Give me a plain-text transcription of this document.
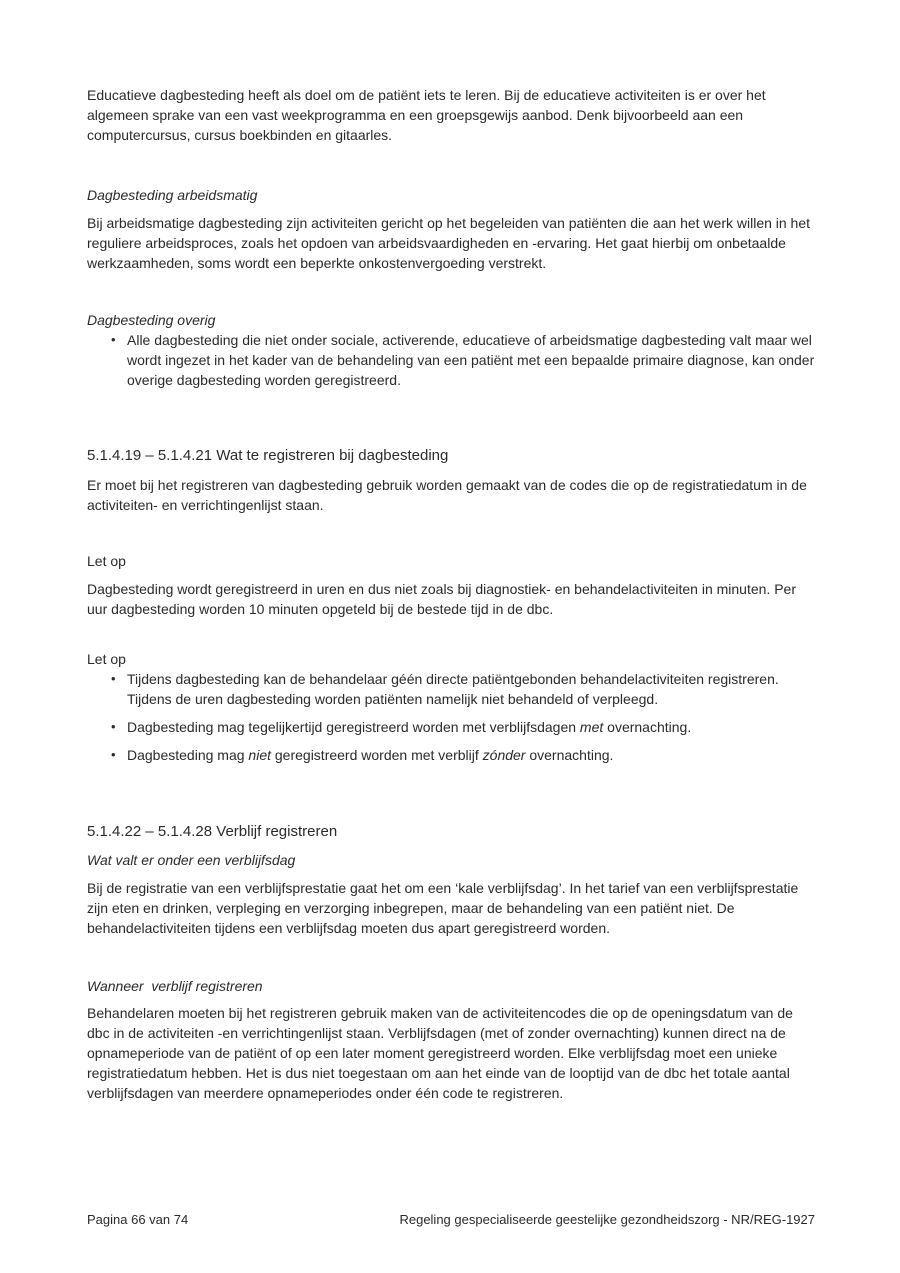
Educatieve dagbesteding heeft als doel om de patiënt iets te leren. Bij de educatieve activiteiten is er over het algemeen sprake van een vast weekprogramma en een groepsgewijs aanbod. Denk bijvoorbeeld aan een computercursus, cursus boekbinden en gitaarles.

Dagbesteding arbeidsmatig

Bij arbeidsmatige dagbesteding zijn activiteiten gericht op het begeleiden van patiënten die aan het werk willen in het reguliere arbeidsproces, zoals het opdoen van arbeidsvaardigheden en -ervaring. Het gaat hierbij om onbetaalde werkzaamheden, soms wordt een beperkte onkostenvergoeding verstrekt.

Dagbesteding overig

• Alle dagbesteding die niet onder sociale, activerende, educatieve of arbeidsmatige dagbesteding valt maar wel wordt ingezet in het kader van de behandeling van een patiënt met een bepaalde primaire diagnose, kan onder overige dagbesteding worden geregistreerd.
5.1.4.19 – 5.1.4.21 Wat te registreren bij dagbesteding

Er moet bij het registreren van dagbesteding gebruik worden gemaakt van de codes die op de registratiedatum in de activiteiten- en verrichtingenlijst staan.

Let op

Dagbesteding wordt geregistreerd in uren en dus niet zoals bij diagnostiek- en behandelactiviteiten in minuten. Per uur dagbesteding worden 10 minuten opgeteld bij de bestede tijd in de dbc.

Let op

• Tijdens dagbesteding kan de behandelaar géén directe patiëntgebonden behandelactiviteiten registreren. Tijdens de uren dagbesteding worden patiënten namelijk niet behandeld of verpleegd.
• Dagbesteding mag tegelijkertijd geregistreerd worden met verblijfsdagen met overnachting.
• Dagbesteding mag niet geregistreerd worden met verblijf zónder overnachting.
5.1.4.22 – 5.1.4.28 Verblijf registreren

Wat valt er onder een verblijfsdag

Bij de registratie van een verblijfsprestatie gaat het om een ‘kale verblijfsdag’. In het tarief van een verblijfsprestatie zijn eten en drinken, verpleging en verzorging inbegrepen, maar de behandeling van een patiënt niet. De behandelactiviteiten tijdens een verblijfsdag moeten dus apart geregistreerd worden.

Wanneer  verblijf registreren

Behandelaren moeten bij het registreren gebruik maken van de activiteitencodes die op de openingsdatum van de dbc in de activiteiten -en verrichtingenlijst staan. Verblijfsdagen (met of zonder overnachting) kunnen direct na de opnameperiode van de patiënt of op een later moment geregistreerd worden. Elke verblijfsdag moet een unieke registratiedatum hebben. Het is dus niet toegestaan om aan het einde van de looptijd van de dbc het totale aantal verblijfsdagen van meerdere opnameperiodes onder één code te registreren.

Pagina 66 van 74	Regeling gespecialiseerde geestelijke gezondheidszorg - NR/REG-1927
